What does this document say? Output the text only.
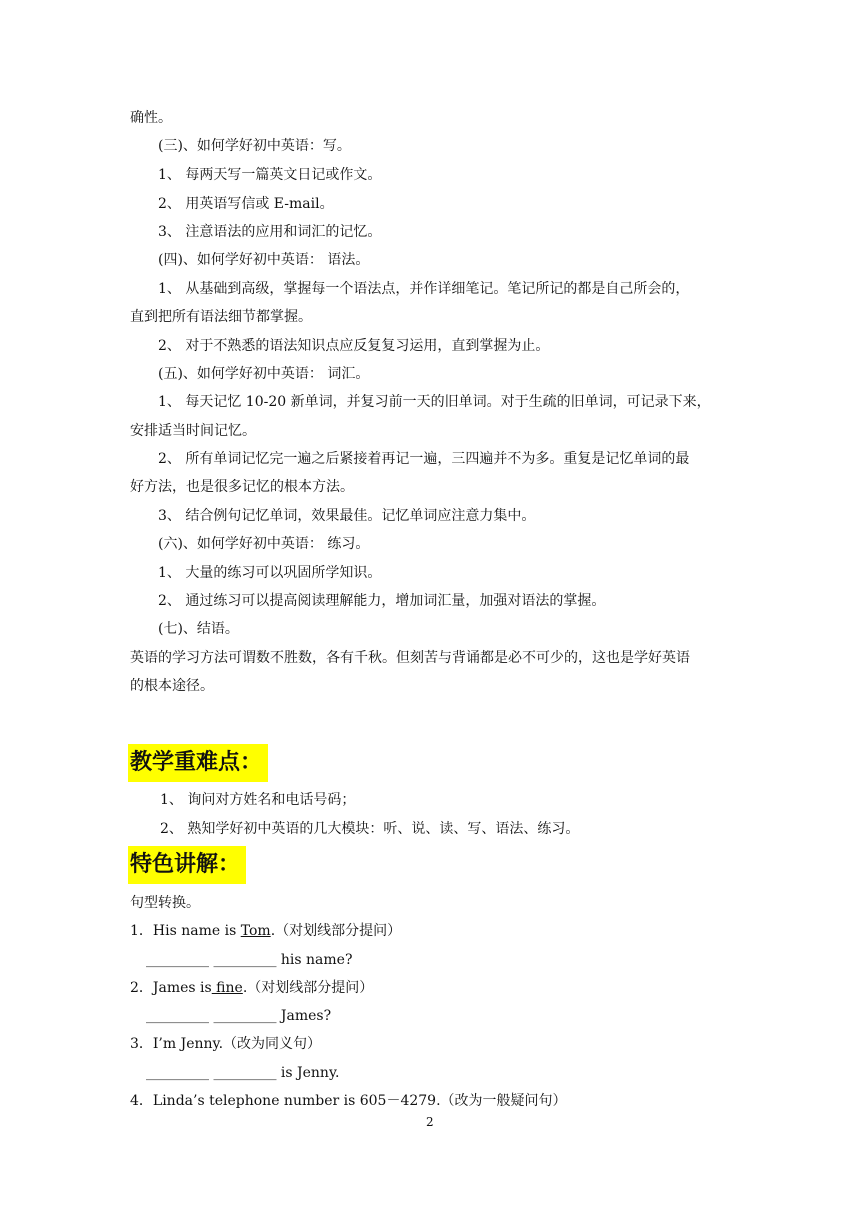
确性。
(三)、如何学好初中英语：写。
1、 每两天写一篇英文日记或作文。
2、 用英语写信或 E-mail。
3、 注意语法的应用和词汇的记忆。
(四)、如何学好初中英语： 语法。
1、 从基础到高级，掌握每一个语法点，并作详细笔记。笔记所记的都是自己所会的，
直到把所有语法细节都掌握。
2、 对于不熟悉的语法知识点应反复复习运用，直到掌握为止。
(五)、如何学好初中英语： 词汇。
1、 每天记忆 10-20 新单词，并复习前一天的旧单词。对于生疏的旧单词，可记录下来，
安排适当时间记忆。
2、 所有单词记忆完一遍之后紧接着再记一遍，三四遍并不为多。重复是记忆单词的最
好方法，也是很多记忆的根本方法。
3、 结合例句记忆单词，效果最佳。记忆单词应注意力集中。
(六)、如何学好初中英语： 练习。
1、 大量的练习可以巩固所学知识。
2、 通过练习可以提高阅读理解能力，增加词汇量，加强对语法的掌握。
(七)、结语。
英语的学习方法可谓数不胜数，各有千秋。但刻苦与背诵都是必不可少的，这也是学好英语
的根本途径。
教学重难点：
1、 询问对方姓名和电话号码；
2、 熟知学好初中英语的几大模块：听、说、读、写、语法、练习。
特色讲解：
句型转换。
1．His name is Tom.（对划线部分提问）
_________ _________ his name?
2．James is fine.（对划线部分提问）
_________ _________ James?
3．I’m Jenny.（改为同义句）
_________ _________ is Jenny.
4．Linda’s telephone number is 605－4279.（改为一般疑问句）
2
